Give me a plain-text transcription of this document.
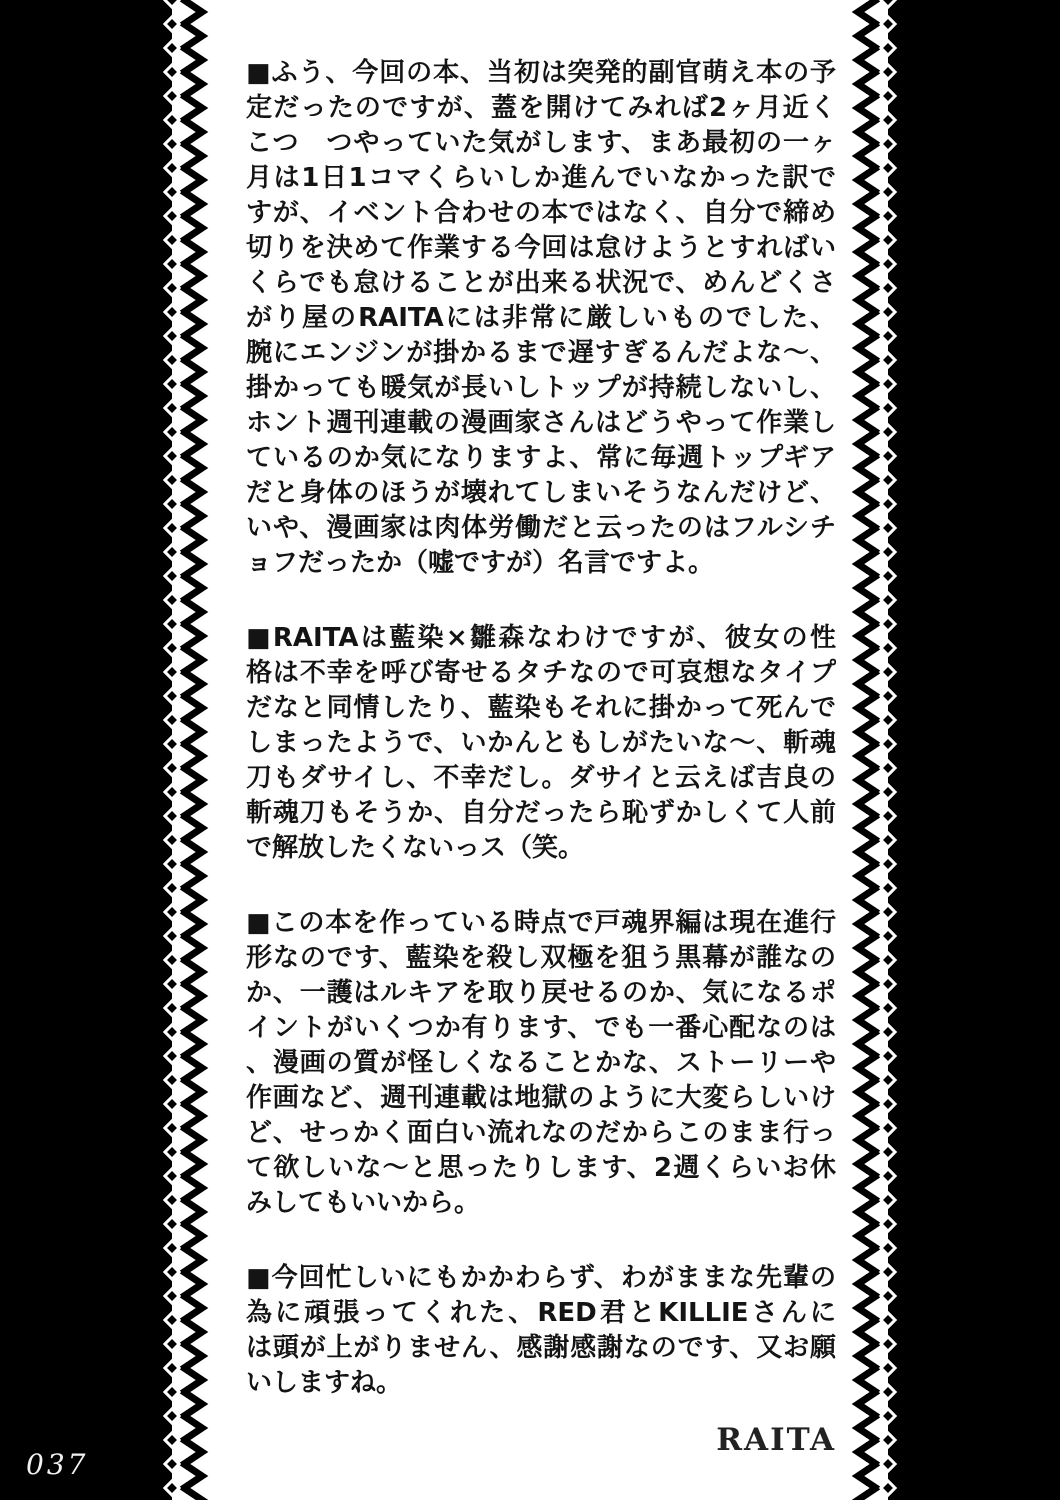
■ふう、今回の本、当初は突発的副官萌え本の予
定だったのですが、蓋を開けてみれば2ヶ月近く
こつ　つやっていた気がします、まあ最初の一ヶ
月は1日1コマくらいしか進んでいなかった訳で
すが、イベント合わせの本ではなく、自分で締め
切りを決めて作業する今回は怠けようとすればい
くらでも怠けることが出来る状況で、めんどくさ
がり屋のRAITAには非常に厳しいものでした、
腕にエンジンが掛かるまで遅すぎるんだよな〜、
掛かっても暖気が長いしトップが持続しないし、
ホント週刊連載の漫画家さんはどうやって作業し
ているのか気になりますよ、常に毎週トップギア
だと身体のほうが壊れてしまいそうなんだけど、
いや、漫画家は肉体労働だと云ったのはフルシチ
ョフだったか（嘘ですが）名言ですよ。
■RAITAは藍染×雛森なわけですが、彼女の性
格は不幸を呼び寄せるタチなので可哀想なタイプ
だなと同情したり、藍染もそれに掛かって死んで
しまったようで、いかんともしがたいな〜、斬魂
刀もダサイし、不幸だし。ダサイと云えば吉良の
斬魂刀もそうか、自分だったら恥ずかしくて人前
で解放したくないっス（笑。
■この本を作っている時点で戸魂界編は現在進行
形なのです、藍染を殺し双極を狙う黒幕が誰なの
か、一護はルキアを取り戻せるのか、気になるポ
イントがいくつか有ります、でも一番心配なのは
、漫画の質が怪しくなることかな、ストーリーや
作画など、週刊連載は地獄のように大変らしいけ
ど、せっかく面白い流れなのだからこのまま行っ
て欲しいな〜と思ったりします、2週くらいお休
みしてもいいから。
■今回忙しいにもかかわらず、わがままな先輩の
為に頑張ってくれた、RED君とKILLIEさんに
は頭が上がりません、感謝感謝なのです、又お願
いしますね。
RAITA
037
